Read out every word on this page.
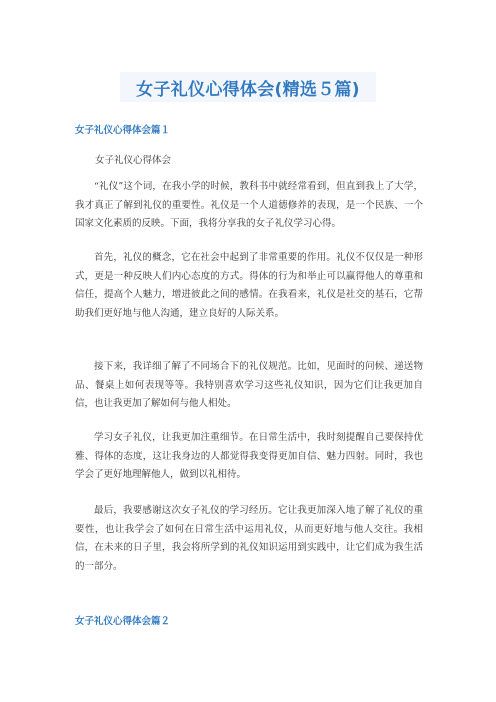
女子礼仪心得体会(精选５篇)
女子礼仪心得体会篇１
女子礼仪心得体会

“礼仪”这个词，在我小学的时候，教科书中就经常看到，但直到我上了大学，我才真正了解到礼仪的重要性。礼仪是一个人道德修养的表现，是一个民族、一个国家文化素质的反映。下面，我将分享我的女子礼仪学习心得。

首先，礼仪的概念，它在社会中起到了非常重要的作用。礼仪不仅仅是一种形式，更是一种反映人们内心态度的方式。得体的行为和举止可以赢得他人的尊重和信任，提高个人魅力，增进彼此之间的感情。在我看来，礼仪是社交的基石，它帮助我们更好地与他人沟通，建立良好的人际关系。

接下来，我详细了解了不同场合下的礼仪规范。比如，见面时的问候、递送物品、餐桌上如何表现等等。我特别喜欢学习这些礼仪知识，因为它们让我更加自信，也让我更加了解如何与他人相处。

学习女子礼仪，让我更加注重细节。在日常生活中，我时刻提醒自己要保持优雅、得体的态度，这让我身边的人都觉得我变得更加自信、魅力四射。同时，我也学会了更好地理解他人，做到以礼相待。

最后，我要感谢这次女子礼仪的学习经历。它让我更加深入地了解了礼仪的重要性，也让我学会了如何在日常生活中运用礼仪，从而更好地与他人交往。我相信，在未来的日子里，我会将所学到的礼仪知识运用到实践中，让它们成为我生活的一部分。

女子礼仪心得体会篇２
